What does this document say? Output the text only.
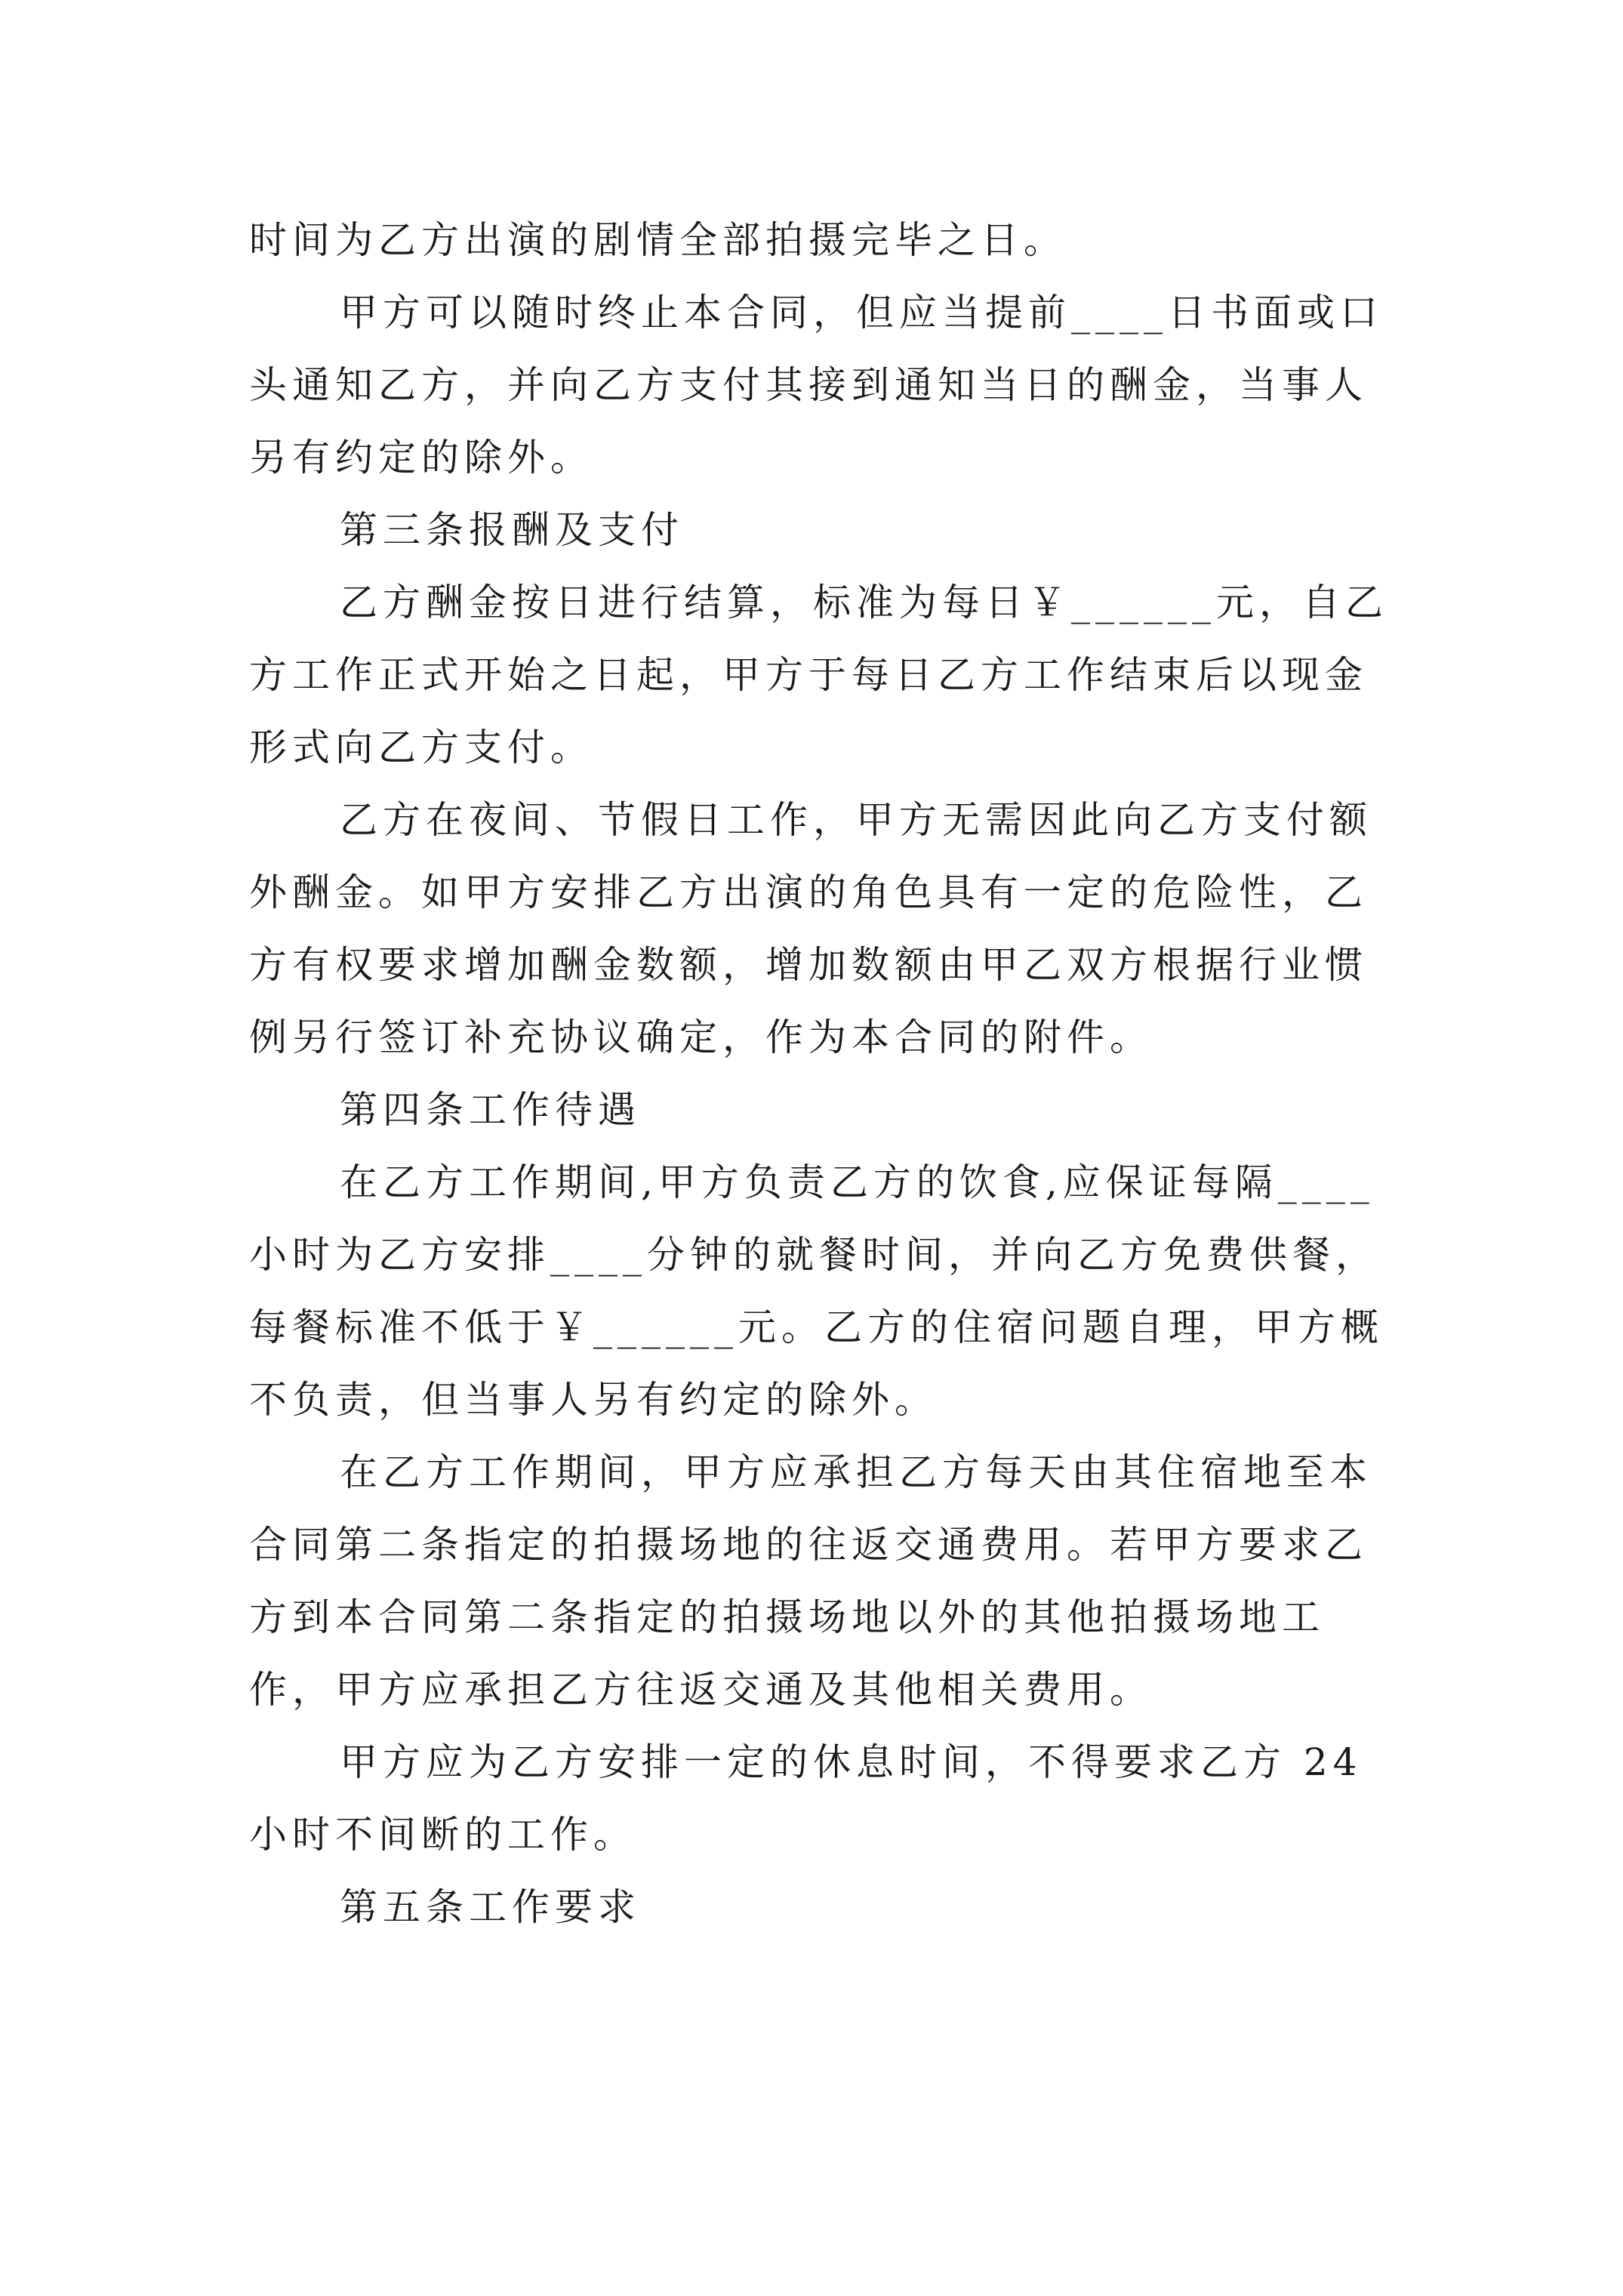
时间为乙方出演的剧情全部拍摄完毕之日。
甲方可以随时终止本合同，但应当提前____日书面或口
头通知乙方，并向乙方支付其接到通知当日的酬金，当事人
另有约定的除外。
第三条报酬及支付
乙方酬金按日进行结算，标准为每日￥______元，自乙
方工作正式开始之日起，甲方于每日乙方工作结束后以现金
形式向乙方支付。
乙方在夜间、节假日工作，甲方无需因此向乙方支付额
外酬金。如甲方安排乙方出演的角色具有一定的危险性，乙
方有权要求增加酬金数额，增加数额由甲乙双方根据行业惯
例另行签订补充协议确定，作为本合同的附件。
第四条工作待遇
在乙方工作期间,甲方负责乙方的饮食,应保证每隔____
小时为乙方安排____分钟的就餐时间，并向乙方免费供餐，
每餐标准不低于￥______元。乙方的住宿问题自理，甲方概
不负责，但当事人另有约定的除外。
在乙方工作期间，甲方应承担乙方每天由其住宿地至本
合同第二条指定的拍摄场地的往返交通费用。若甲方要求乙
方到本合同第二条指定的拍摄场地以外的其他拍摄场地工
作，甲方应承担乙方往返交通及其他相关费用。
甲方应为乙方安排一定的休息时间，不得要求乙方 24
小时不间断的工作。
第五条工作要求
